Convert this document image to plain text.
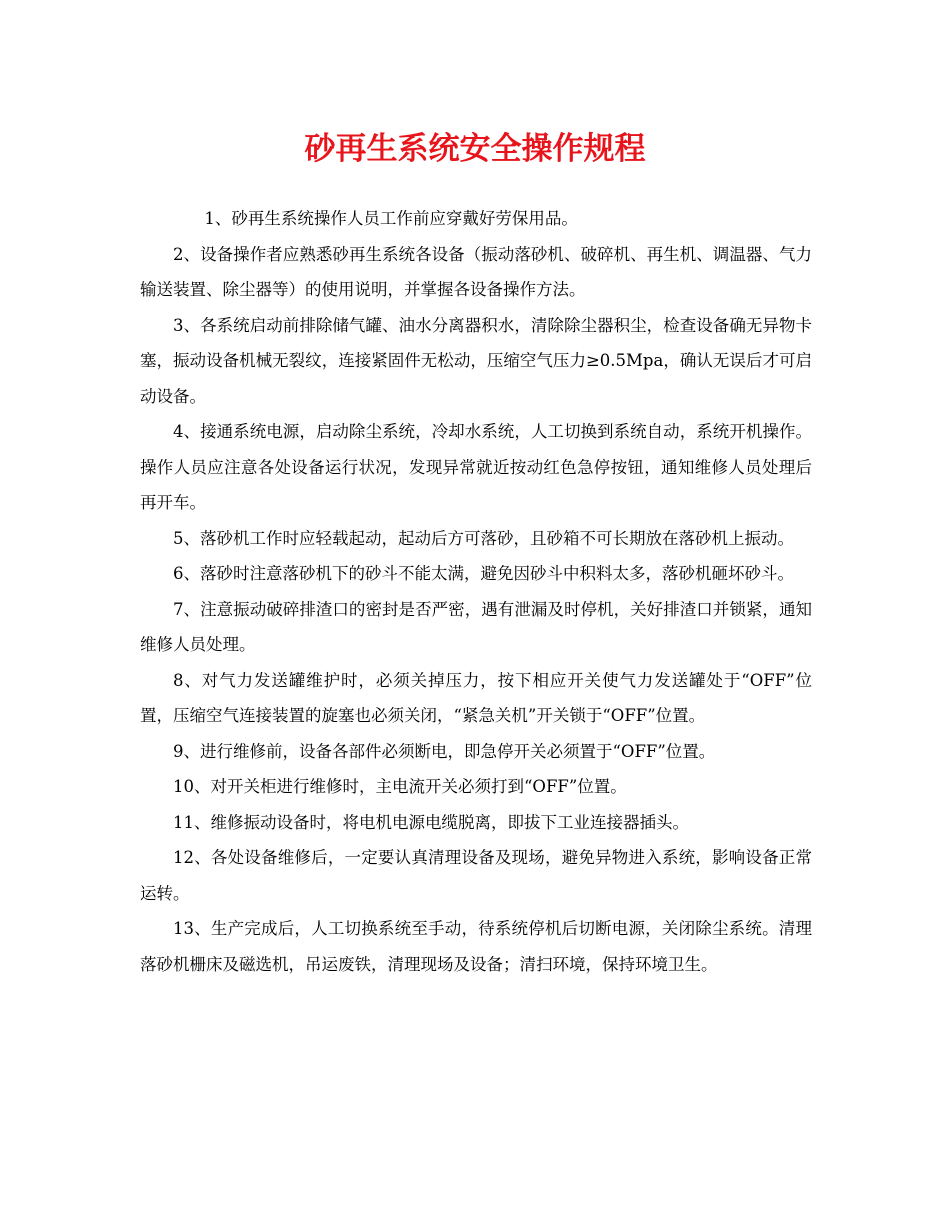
砂再生系统安全操作规程

1、砂再生系统操作人员工作前应穿戴好劳保用品。

2、设备操作者应熟悉砂再生系统各设备（振动落砂机、破碎机、再生机、调温器、气力输送装置、除尘器等）的使用说明，并掌握各设备操作方法。

3、各系统启动前排除储气罐、油水分离器积水，清除除尘器积尘，检查设备确无异物卡塞，振动设备机械无裂纹，连接紧固件无松动，压缩空气压力≥0.5Mpa，确认无误后才可启动设备。

4、接通系统电源，启动除尘系统，冷却水系统，人工切换到系统自动，系统开机操作。操作人员应注意各处设备运行状况，发现异常就近按动红色急停按钮，通知维修人员处理后再开车。

5、落砂机工作时应轻载起动，起动后方可落砂，且砂箱不可长期放在落砂机上振动。

6、落砂时注意落砂机下的砂斗不能太满，避免因砂斗中积料太多，落砂机砸坏砂斗。

7、注意振动破碎排渣口的密封是否严密，遇有泄漏及时停机，关好排渣口并锁紧，通知维修人员处理。

8、对气力发送罐维护时，必须关掉压力，按下相应开关使气力发送罐处于“OFF”位置，压缩空气连接装置的旋塞也必须关闭，“紧急关机”开关锁于“OFF”位置。

9、进行维修前，设备各部件必须断电，即急停开关必须置于“OFF”位置。

10、对开关柜进行维修时，主电流开关必须打到“OFF”位置。

11、维修振动设备时，将电机电源电缆脱离，即拔下工业连接器插头。

12、各处设备维修后，一定要认真清理设备及现场，避免异物进入系统，影响设备正常运转。

13、生产完成后，人工切换系统至手动，待系统停机后切断电源，关闭除尘系统。清理落砂机栅床及磁选机，吊运废铁，清理现场及设备；清扫环境，保持环境卫生。
